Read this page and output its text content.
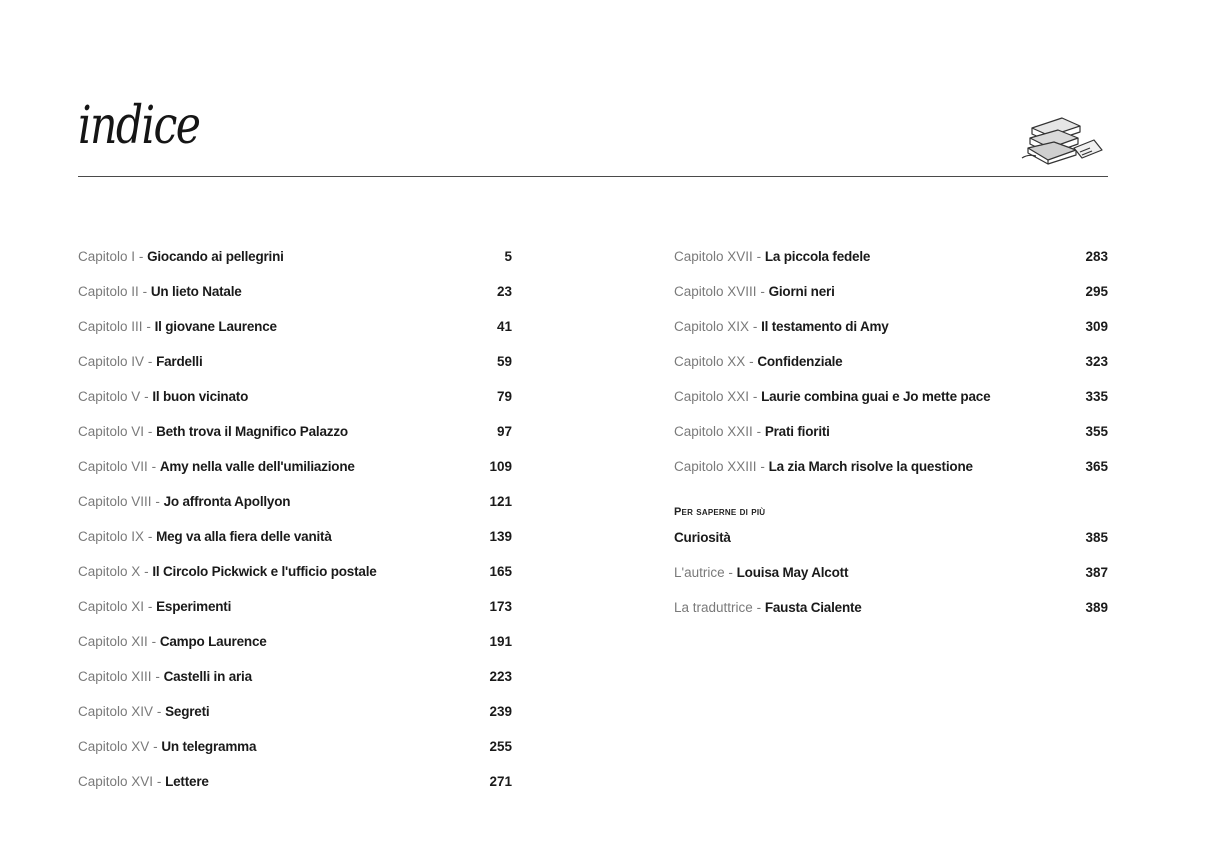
indice
Capitolo I - Giocando ai pellegrini	5
Capitolo II - Un lieto Natale	23
Capitolo III - Il giovane Laurence	41
Capitolo IV - Fardelli	59
Capitolo V - Il buon vicinato	79
Capitolo VI - Beth trova il Magnifico Palazzo	97
Capitolo VII - Amy nella valle dell'umiliazione	109
Capitolo VIII - Jo affronta Apollyon	121
Capitolo IX - Meg va alla fiera delle vanità	139
Capitolo X - Il Circolo Pickwick e l'ufficio postale	165
Capitolo XI - Esperimenti	173
Capitolo XII - Campo Laurence	191
Capitolo XIII - Castelli in aria	223
Capitolo XIV - Segreti	239
Capitolo XV - Un telegramma	255
Capitolo XVI - Lettere	271
Capitolo XVII - La piccola fedele	283
Capitolo XVIII - Giorni neri	295
Capitolo XIX - Il testamento di Amy	309
Capitolo XX - Confidenziale	323
Capitolo XXI - Laurie combina guai e Jo mette pace	335
Capitolo XXII - Prati fioriti	355
Capitolo XXIII - La zia March risolve la questione	365
Per saperne di più
Curiosità	385
L'autrice - Louisa May Alcott	387
La traduttrice - Fausta Cialente	389
